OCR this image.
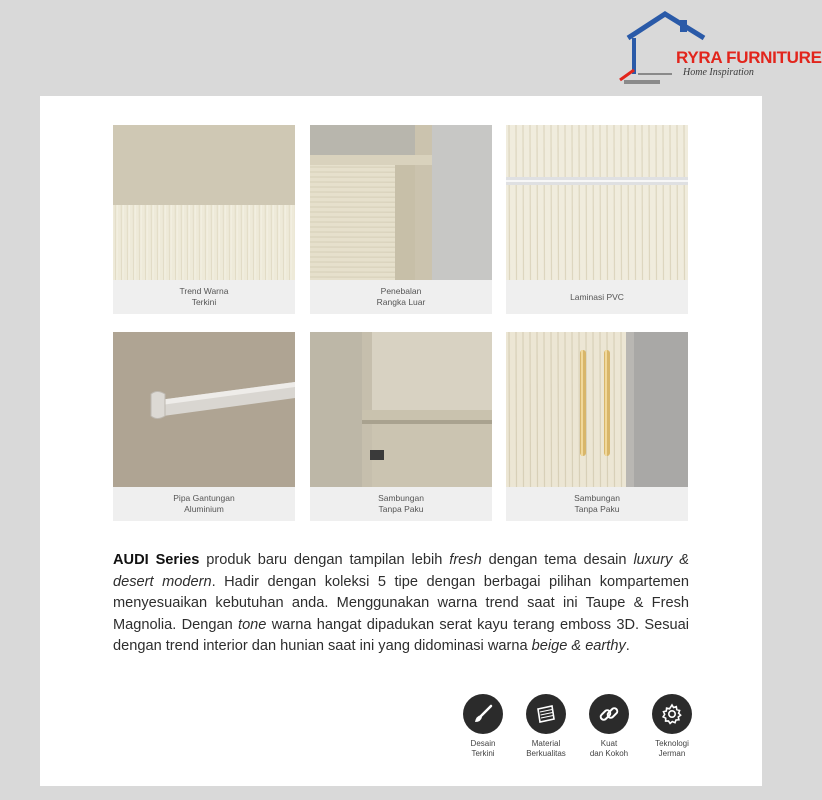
RYRA FURNITURE
Home Inspiration
Trend Warna
Terkini
Penebalan
Rangka Luar
Laminasi PVC
Pipa Gantungan
Aluminium
Sambungan
Tanpa Paku
Sambungan
Tanpa Paku

AUDI Series produk baru dengan tampilan lebih fresh dengan tema desain luxury & desert modern. Hadir dengan koleksi 5 tipe dengan berbagai pilihan kompartemen menyesuaikan kebutuhan anda. Menggunakan warna trend saat ini Taupe & Fresh Magnolia. Dengan tone warna hangat dipadukan serat kayu terang emboss 3D. Sesuai dengan trend interior dan hunian saat ini yang didominasi warna beige & earthy.

Desain
Terkini
Material
Berkualitas
Kuat
dan Kokoh
Teknologi
Jerman
